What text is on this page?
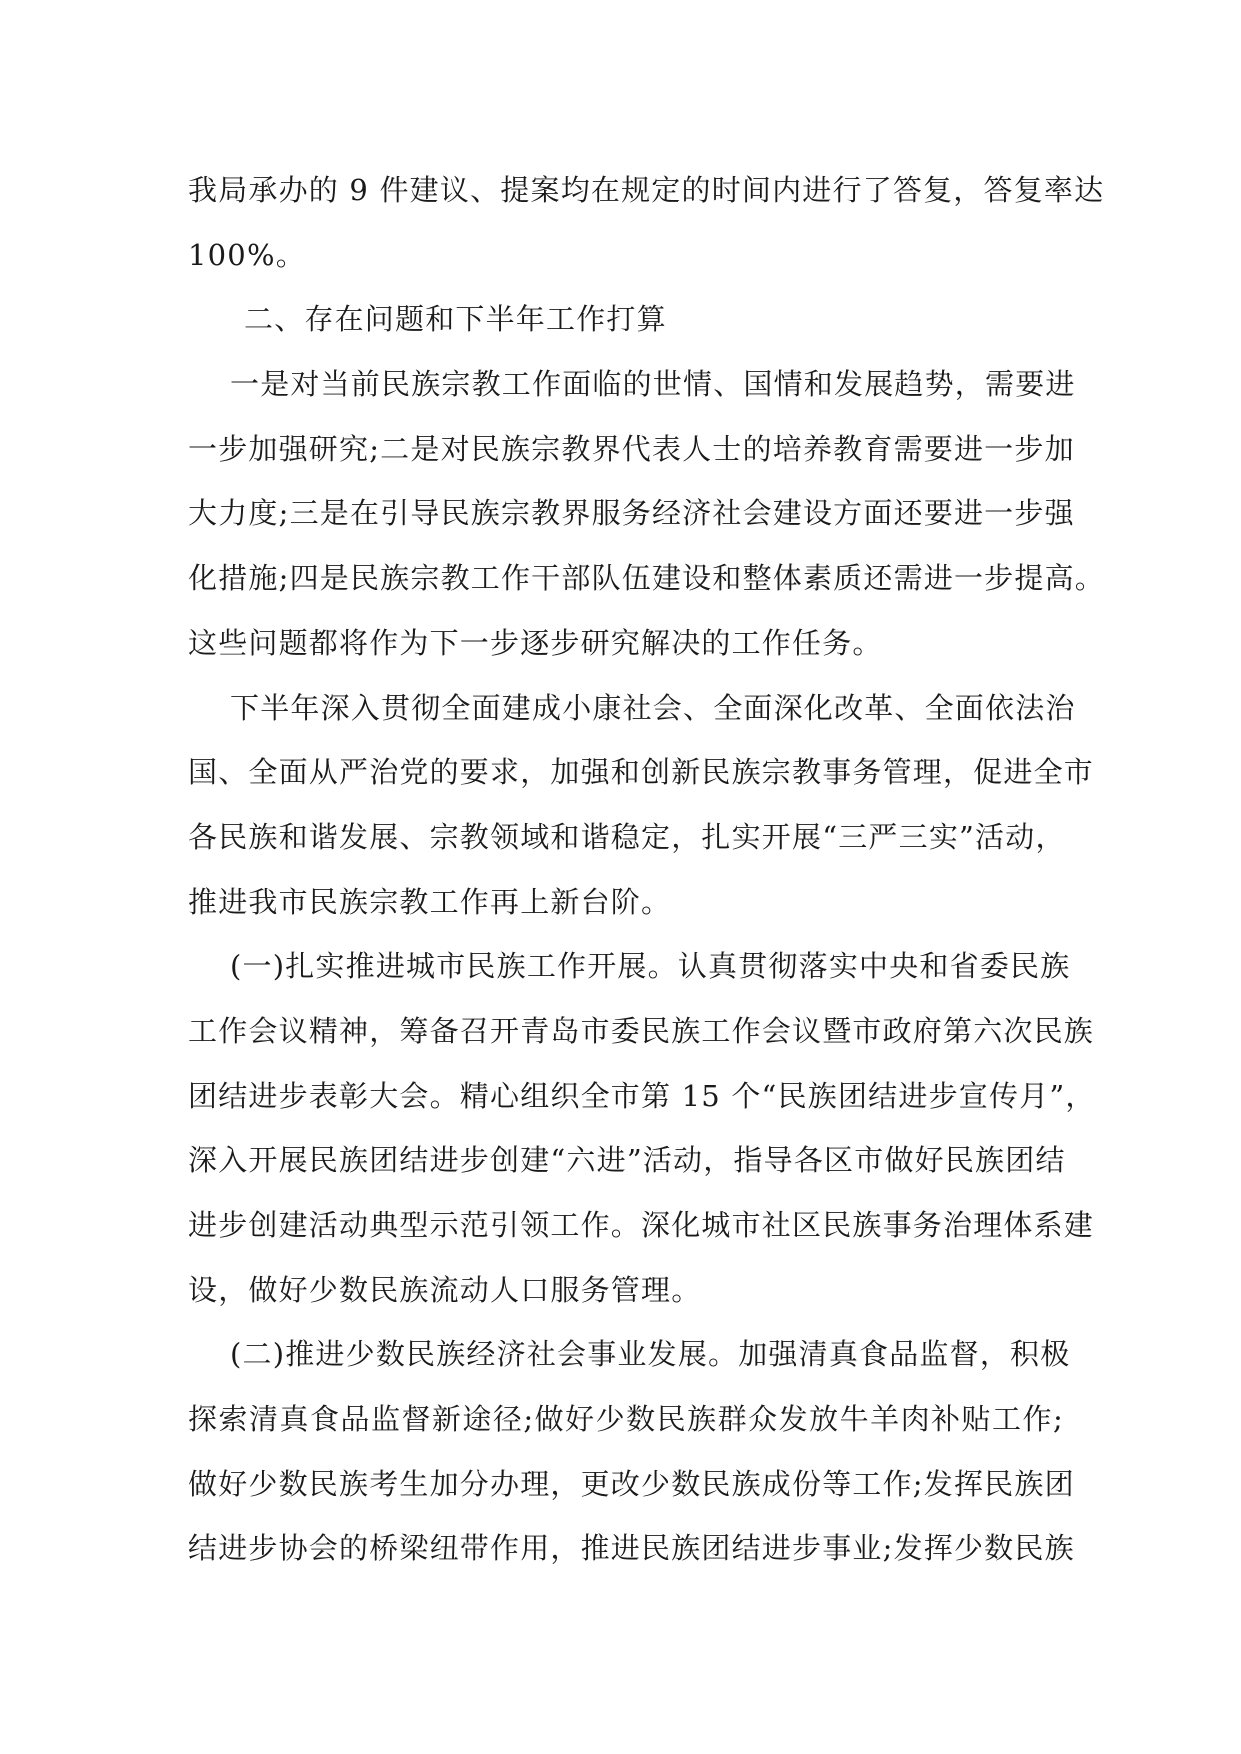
我局承办的 9 件建议、提案均在规定的时间内进行了答复，答复率达
100%。
二、存在问题和下半年工作打算
一是对当前民族宗教工作面临的世情、国情和发展趋势，需要进
一步加强研究;二是对民族宗教界代表人士的培养教育需要进一步加
大力度;三是在引导民族宗教界服务经济社会建设方面还要进一步强
化措施;四是民族宗教工作干部队伍建设和整体素质还需进一步提高。
这些问题都将作为下一步逐步研究解决的工作任务。
下半年深入贯彻全面建成小康社会、全面深化改革、全面依法治
国、全面从严治党的要求，加强和创新民族宗教事务管理，促进全市
各民族和谐发展、宗教领域和谐稳定，扎实开展“三严三实”活动，
推进我市民族宗教工作再上新台阶。
(一)扎实推进城市民族工作开展。认真贯彻落实中央和省委民族
工作会议精神，筹备召开青岛市委民族工作会议暨市政府第六次民族
团结进步表彰大会。精心组织全市第 15 个“民族团结进步宣传月”，
深入开展民族团结进步创建“六进”活动，指导各区市做好民族团结
进步创建活动典型示范引领工作。深化城市社区民族事务治理体系建
设，做好少数民族流动人口服务管理。
(二)推进少数民族经济社会事业发展。加强清真食品监督，积极
探索清真食品监督新途径;做好少数民族群众发放牛羊肉补贴工作;
做好少数民族考生加分办理，更改少数民族成份等工作;发挥民族团
结进步协会的桥梁纽带作用，推进民族团结进步事业;发挥少数民族
